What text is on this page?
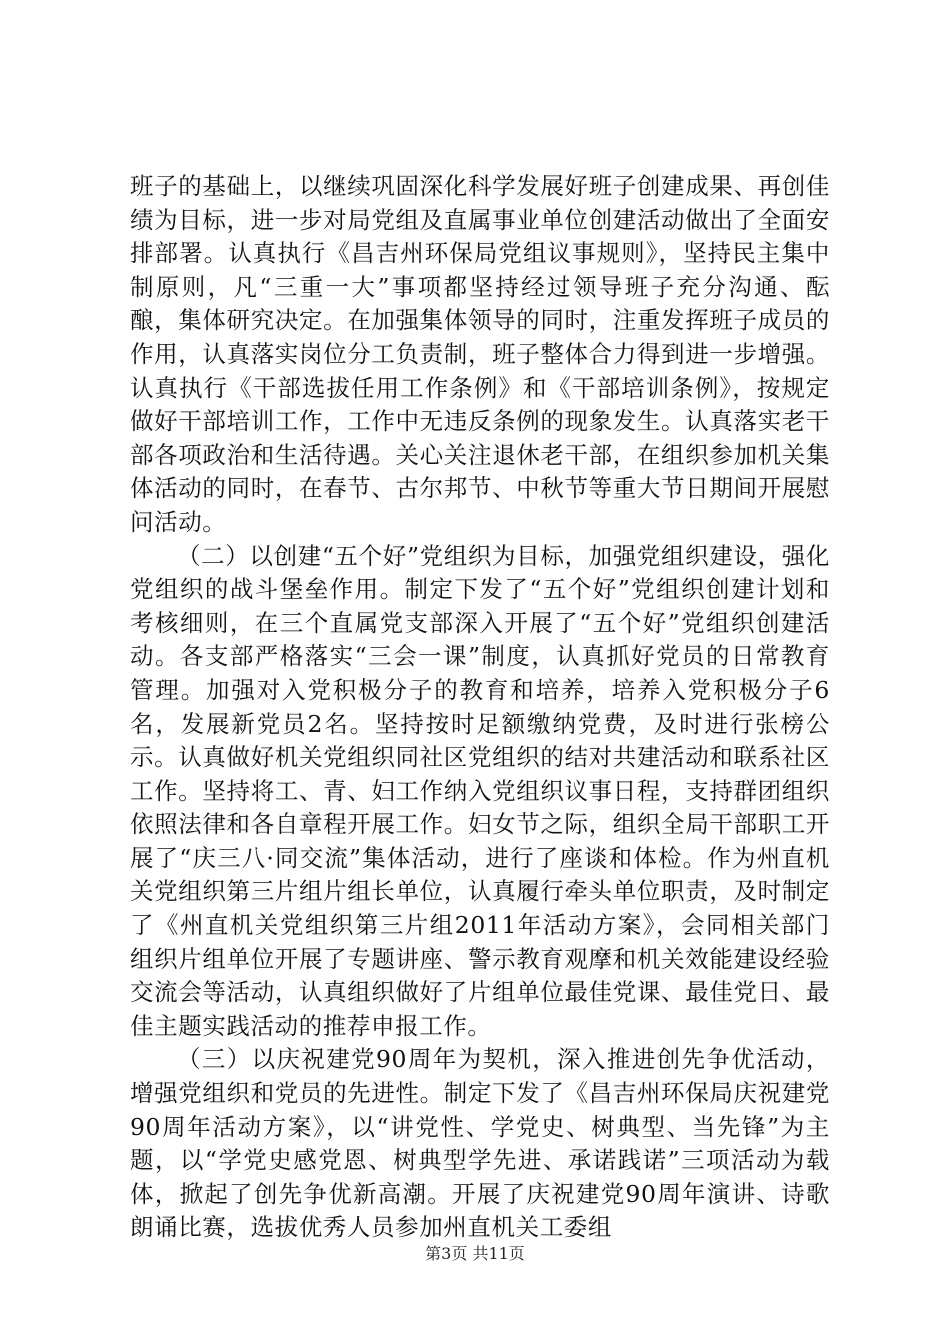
班子的基础上，以继续巩固深化科学发展好班子创建成果、再创佳绩为目标，进一步对局党组及直属事业单位创建活动做出了全面安排部署。认真执行《昌吉州环保局党组议事规则》，坚持民主集中制原则，凡“三重一大”事项都坚持经过领导班子充分沟通、酝酿，集体研究决定。在加强集体领导的同时，注重发挥班子成员的作用，认真落实岗位分工负责制，班子整体合力得到进一步增强。认真执行《干部选拔任用工作条例》和《干部培训条例》，按规定做好干部培训工作，工作中无违反条例的现象发生。认真落实老干部各项政治和生活待遇。关心关注退休老干部，在组织参加机关集体活动的同时，在春节、古尔邦节、中秋节等重大节日期间开展慰问活动。

（二）以创建“五个好”党组织为目标，加强党组织建设，强化党组织的战斗堡垒作用。制定下发了“五个好”党组织创建计划和考核细则，在三个直属党支部深入开展了“五个好”党组织创建活动。各支部严格落实“三会一课”制度，认真抓好党员的日常教育管理。加强对入党积极分子的教育和培养，培养入党积极分子6名，发展新党员2名。坚持按时足额缴纳党费，及时进行张榜公示。认真做好机关党组织同社区党组织的结对共建活动和联系社区工作。坚持将工、青、妇工作纳入党组织议事日程，支持群团组织依照法律和各自章程开展工作。妇女节之际，组织全局干部职工开展了“庆三八·同交流”集体活动，进行了座谈和体检。作为州直机关党组织第三片组片组长单位，认真履行牵头单位职责，及时制定了《州直机关党组织第三片组2011年活动方案》，会同相关部门组织片组单位开展了专题讲座、警示教育观摩和机关效能建设经验交流会等活动，认真组织做好了片组单位最佳党课、最佳党日、最佳主题实践活动的推荐申报工作。

（三）以庆祝建党90周年为契机，深入推进创先争优活动，增强党组织和党员的先进性。制定下发了《昌吉州环保局庆祝建党90周年活动方案》，以“讲党性、学党史、树典型、当先锋”为主题，以“学党史感党恩、树典型学先进、承诺践诺”三项活动为载体，掀起了创先争优新高潮。开展了庆祝建党90周年演讲、诗歌朗诵比赛，选拔优秀人员参加州直机关工委组

第3页 共11页
